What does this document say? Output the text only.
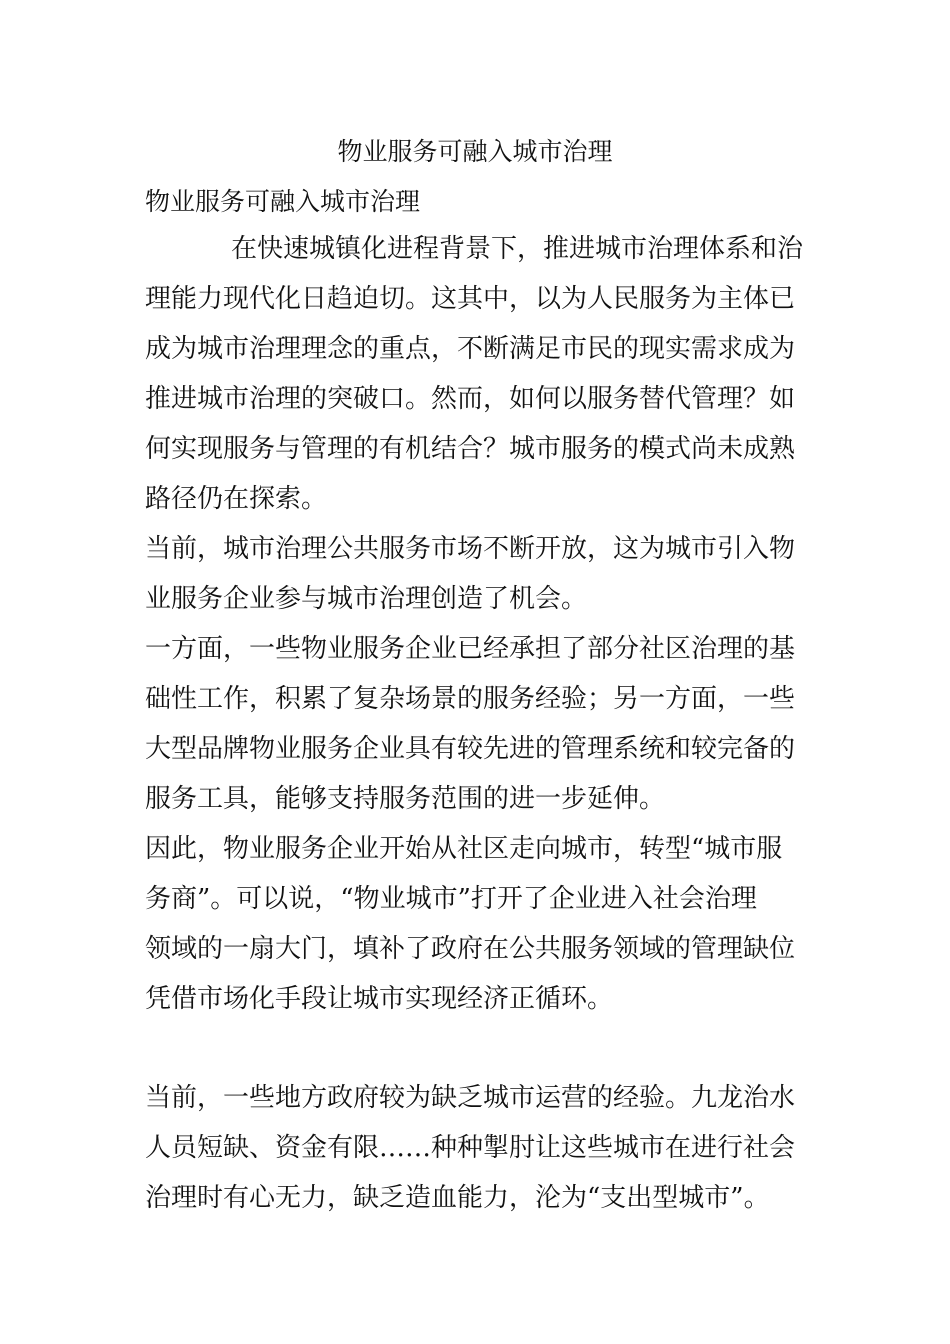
物业服务可融入城市治理
物业服务可融入城市治理
在快速城镇化进程背景下，推进城市治理体系和治
理能力现代化日趋迫切。这其中，以为人民服务为主体已
成为城市治理理念的重点，不断满足市民的现实需求成为
推进城市治理的突破口。然而，如何以服务替代管理？如
何实现服务与管理的有机结合？城市服务的模式尚未成熟
路径仍在探索。
当前，城市治理公共服务市场不断开放，这为城市引入物
业服务企业参与城市治理创造了机会。
一方面，一些物业服务企业已经承担了部分社区治理的基
础性工作，积累了复杂场景的服务经验；另一方面，一些
大型品牌物业服务企业具有较先进的管理系统和较完备的
服务工具，能够支持服务范围的进一步延伸。
因此，物业服务企业开始从社区走向城市，转型“城市服
务商”。可以说，“物业城市”打开了企业进入社会治理
领域的一扇大门，填补了政府在公共服务领域的管理缺位
凭借市场化手段让城市实现经济正循环。
当前，一些地方政府较为缺乏城市运营的经验。九龙治水
人员短缺、资金有限……种种掣肘让这些城市在进行社会
治理时有心无力，缺乏造血能力，沦为“支出型城市”。
